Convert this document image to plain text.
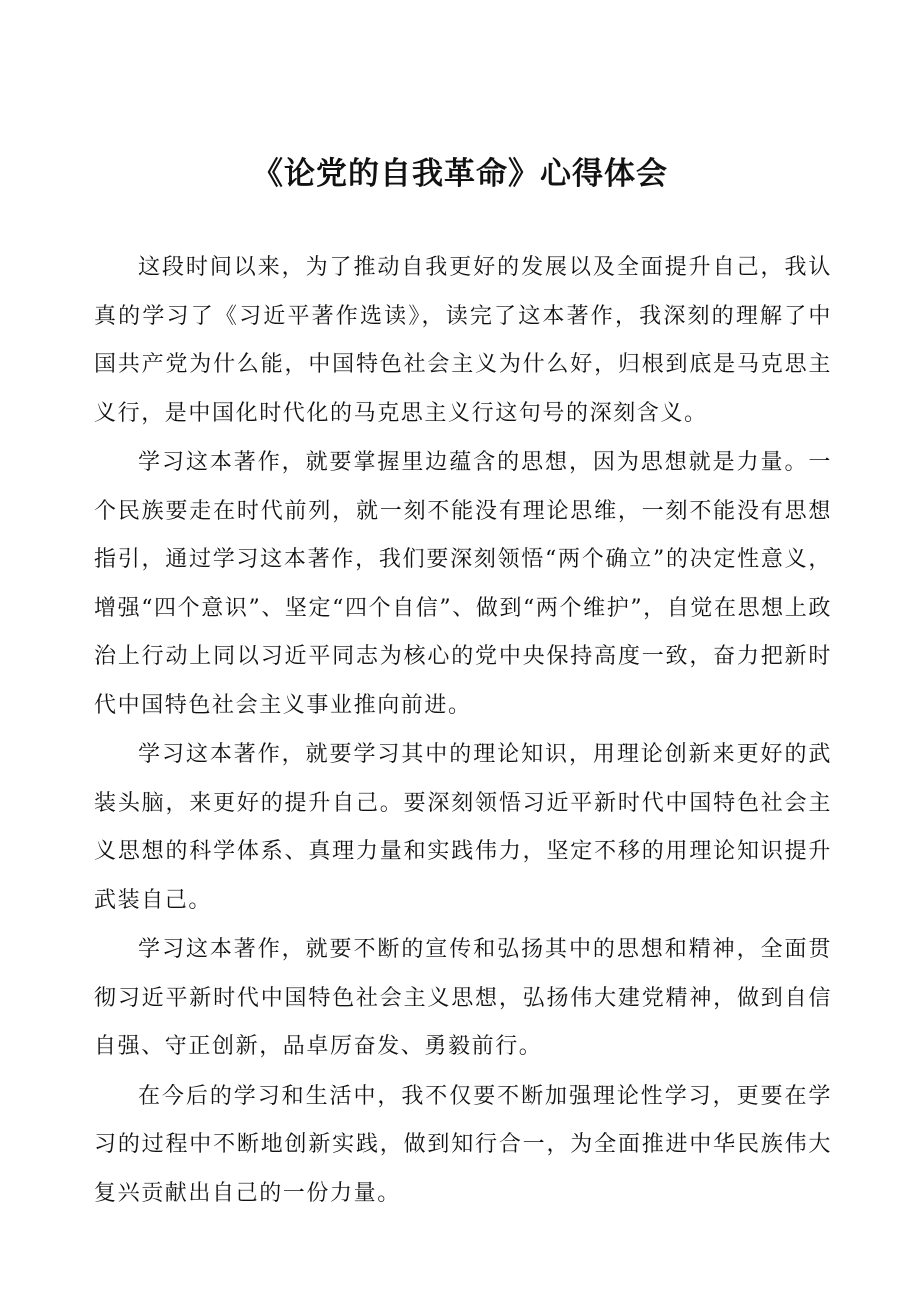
《论党的自我革命》心得体会

这段时间以来，为了推动自我更好的发展以及全面提升自己，我认真的学习了《习近平著作选读》，读完了这本著作，我深刻的理解了中国共产党为什么能，中国特色社会主义为什么好，归根到底是马克思主义行，是中国化时代化的马克思主义行这句号的深刻含义。

学习这本著作，就要掌握里边蕴含的思想，因为思想就是力量。一个民族要走在时代前列，就一刻不能没有理论思维，一刻不能没有思想指引，通过学习这本著作，我们要深刻领悟“两个确立”的决定性意义，增强“四个意识”、坚定“四个自信”、做到“两个维护”，自觉在思想上政治上行动上同以习近平同志为核心的党中央保持高度一致，奋力把新时代中国特色社会主义事业推向前进。

学习这本著作，就要学习其中的理论知识，用理论创新来更好的武装头脑，来更好的提升自己。要深刻领悟习近平新时代中国特色社会主义思想的科学体系、真理力量和实践伟力，坚定不移的用理论知识提升武装自己。

学习这本著作，就要不断的宣传和弘扬其中的思想和精神，全面贯彻习近平新时代中国特色社会主义思想，弘扬伟大建党精神，做到自信自强、守正创新，品卓厉奋发、勇毅前行。

在今后的学习和生活中，我不仅要不断加强理论性学习，更要在学习的过程中不断地创新实践，做到知行合一，为全面推进中华民族伟大复兴贡献出自己的一份力量。
